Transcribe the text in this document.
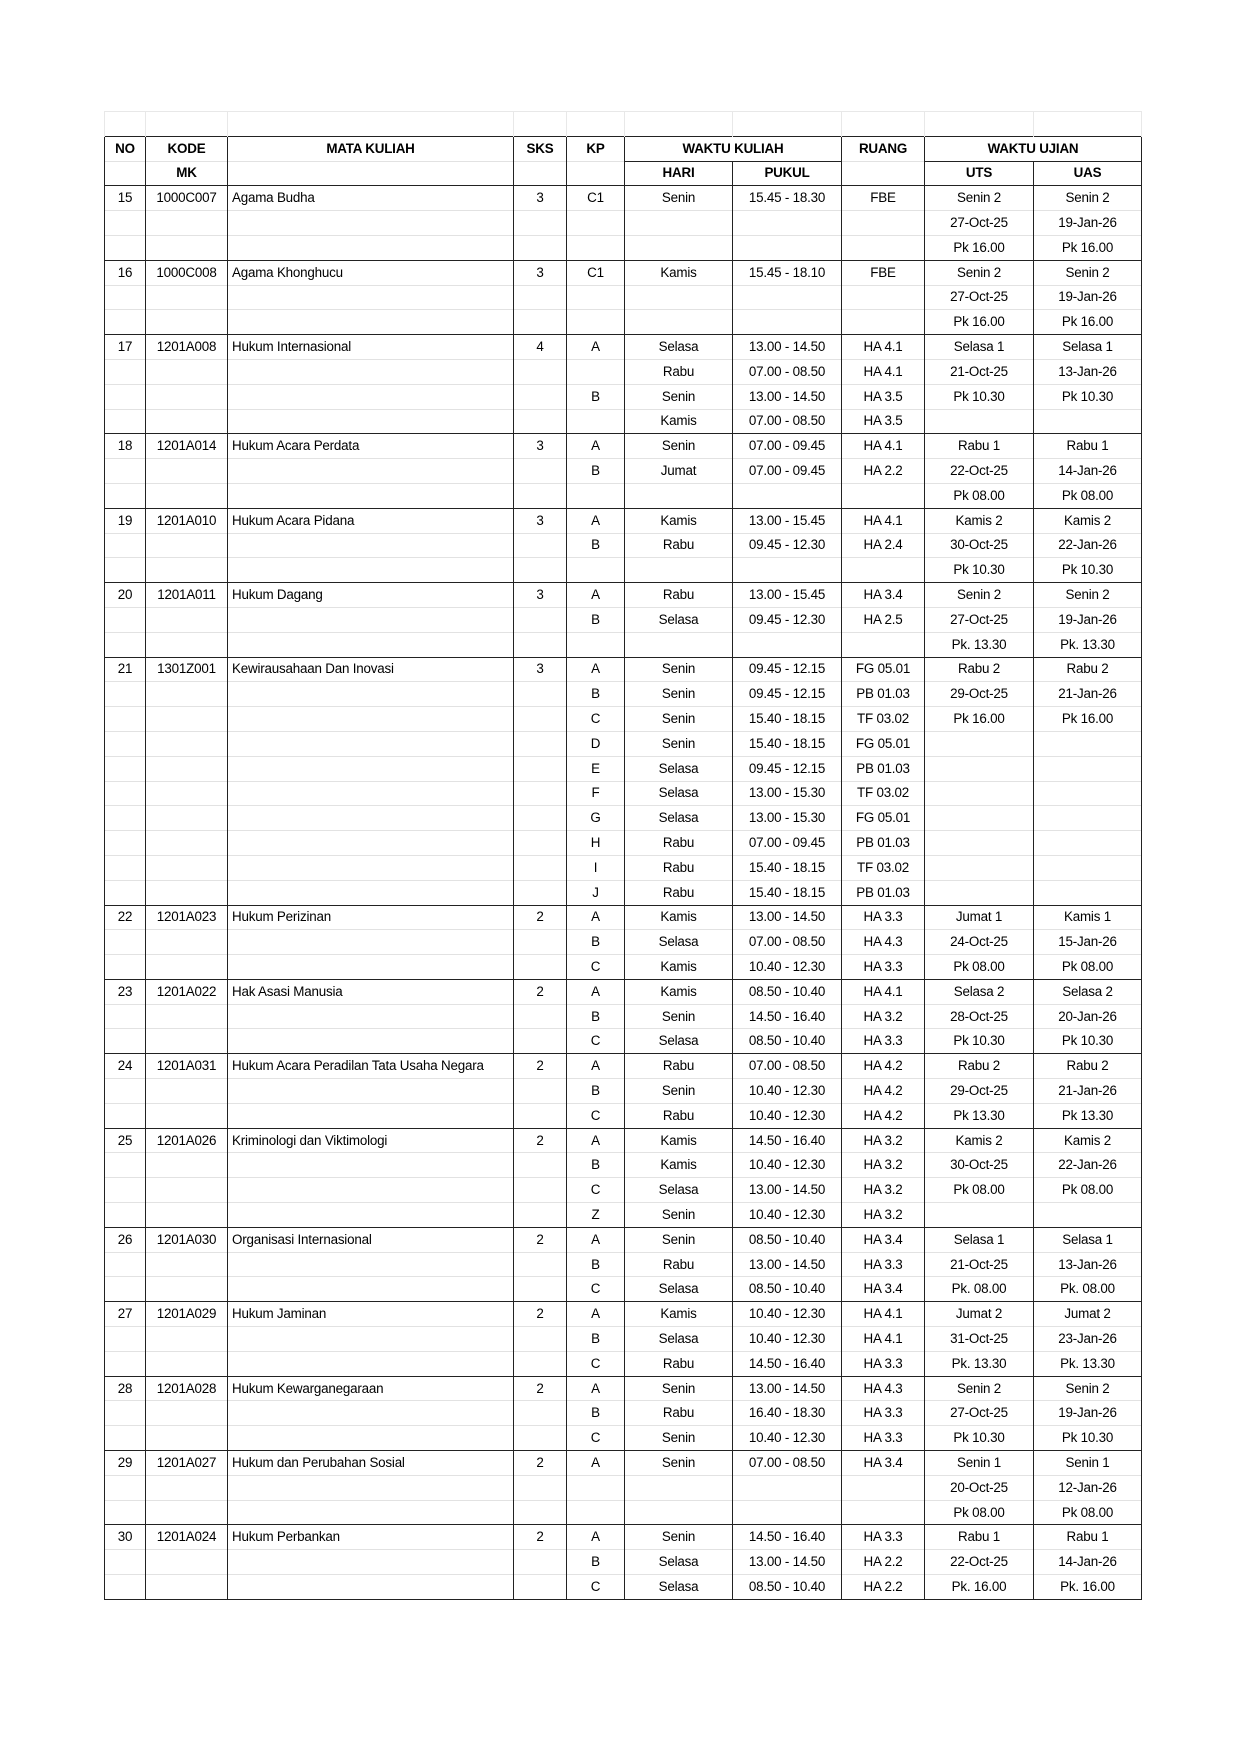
NO	KODE	MATA KULIAH	SKS	KP	WAKTU KULIAH		RUANG	WAKTU UJIAN	
	MK				HARI	PUKUL		UTS	UAS
15	1000C007	Agama Budha	3	C1	Senin	15.45 - 18.30	FBE	Senin 2	Senin 2
								27-Oct-25	19-Jan-26
								Pk 16.00	Pk 16.00
16	1000C008	Agama Khonghucu	3	C1	Kamis	15.45 - 18.10	FBE	Senin 2	Senin 2
								27-Oct-25	19-Jan-26
								Pk 16.00	Pk 16.00
17	1201A008	Hukum Internasional	4	A	Selasa	13.00 - 14.50	HA 4.1	Selasa 1	Selasa 1
					Rabu	07.00 - 08.50	HA 4.1	21-Oct-25	13-Jan-26
				B	Senin	13.00 - 14.50	HA 3.5	Pk 10.30	Pk 10.30
					Kamis	07.00 - 08.50	HA 3.5		
18	1201A014	Hukum Acara Perdata	3	A	Senin	07.00 - 09.45	HA 4.1	Rabu 1	Rabu 1
				B	Jumat	07.00 - 09.45	HA 2.2	22-Oct-25	14-Jan-26
								Pk 08.00	Pk 08.00
19	1201A010	Hukum Acara Pidana	3	A	Kamis	13.00 - 15.45	HA 4.1	Kamis 2	Kamis 2
				B	Rabu	09.45 - 12.30	HA 2.4	30-Oct-25	22-Jan-26
								Pk 10.30	Pk 10.30
20	1201A011	Hukum Dagang	3	A	Rabu	13.00 - 15.45	HA 3.4	Senin 2	Senin 2
				B	Selasa	09.45 - 12.30	HA 2.5	27-Oct-25	19-Jan-26
								Pk. 13.30	Pk. 13.30
21	1301Z001	Kewirausahaan Dan Inovasi	3	A	Senin	09.45 - 12.15	FG 05.01	Rabu 2	Rabu 2
				B	Senin	09.45 - 12.15	PB 01.03	29-Oct-25	21-Jan-26
				C	Senin	15.40 - 18.15	TF 03.02	Pk 16.00	Pk 16.00
				D	Senin	15.40 - 18.15	FG 05.01		
				E	Selasa	09.45 - 12.15	PB 01.03		
				F	Selasa	13.00 - 15.30	TF 03.02		
				G	Selasa	13.00 - 15.30	FG 05.01		
				H	Rabu	07.00 - 09.45	PB 01.03		
				I	Rabu	15.40 - 18.15	TF 03.02		
				J	Rabu	15.40 - 18.15	PB 01.03		
22	1201A023	Hukum Perizinan	2	A	Kamis	13.00 - 14.50	HA 3.3	Jumat 1	Kamis 1
				B	Selasa	07.00 - 08.50	HA 4.3	24-Oct-25	15-Jan-26
				C	Kamis	10.40 - 12.30	HA 3.3	Pk 08.00	Pk 08.00
23	1201A022	Hak Asasi Manusia	2	A	Kamis	08.50 - 10.40	HA 4.1	Selasa 2	Selasa 2
				B	Senin	14.50 - 16.40	HA 3.2	28-Oct-25	20-Jan-26
				C	Selasa	08.50 - 10.40	HA 3.3	Pk 10.30	Pk 10.30
24	1201A031	Hukum Acara Peradilan Tata Usaha Negara	2	A	Rabu	07.00 - 08.50	HA 4.2	Rabu 2	Rabu 2
				B	Senin	10.40 - 12.30	HA 4.2	29-Oct-25	21-Jan-26
				C	Rabu	10.40 - 12.30	HA 4.2	Pk 13.30	Pk 13.30
25	1201A026	Kriminologi dan Viktimologi	2	A	Kamis	14.50 - 16.40	HA 3.2	Kamis 2	Kamis 2
				B	Kamis	10.40 - 12.30	HA 3.2	30-Oct-25	22-Jan-26
				C	Selasa	13.00 - 14.50	HA 3.2	Pk 08.00	Pk 08.00
				Z	Senin	10.40 - 12.30	HA 3.2		
26	1201A030	Organisasi Internasional	2	A	Senin	08.50 - 10.40	HA 3.4	Selasa 1	Selasa 1
				B	Rabu	13.00 - 14.50	HA 3.3	21-Oct-25	13-Jan-26
				C	Selasa	08.50 - 10.40	HA 3.4	Pk. 08.00	Pk. 08.00
27	1201A029	Hukum Jaminan	2	A	Kamis	10.40 - 12.30	HA 4.1	Jumat 2	Jumat 2
				B	Selasa	10.40 - 12.30	HA 4.1	31-Oct-25	23-Jan-26
				C	Rabu	14.50 - 16.40	HA 3.3	Pk. 13.30	Pk. 13.30
28	1201A028	Hukum Kewarganegaraan	2	A	Senin	13.00 - 14.50	HA 4.3	Senin 2	Senin 2
				B	Rabu	16.40 - 18.30	HA 3.3	27-Oct-25	19-Jan-26
				C	Senin	10.40 - 12.30	HA 3.3	Pk 10.30	Pk 10.30
29	1201A027	Hukum dan Perubahan Sosial	2	A	Senin	07.00 - 08.50	HA 3.4	Senin 1	Senin 1
								20-Oct-25	12-Jan-26
								Pk 08.00	Pk 08.00
30	1201A024	Hukum Perbankan	2	A	Senin	14.50 - 16.40	HA 3.3	Rabu 1	Rabu 1
				B	Selasa	13.00 - 14.50	HA 2.2	22-Oct-25	14-Jan-26
				C	Selasa	08.50 - 10.40	HA 2.2	Pk. 16.00	Pk. 16.00
